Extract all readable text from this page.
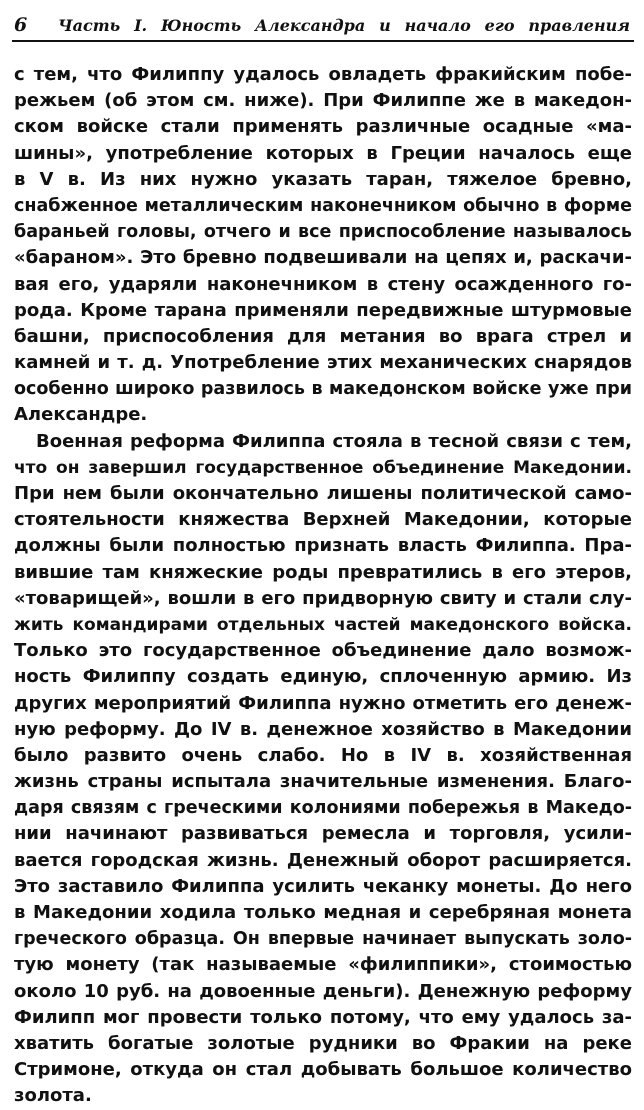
6 Часть I. Юность Александра и начало его правления
с тем, что Филиппу удалось овладеть фракийским побе-
режьем (об этом см. ниже). При Филиппе же в македон-
ском войске стали применять различные осадные «ма-
шины», употребление которых в Греции началось еще
в V в. Из них нужно указать таран, тяжелое бревно,
снабженное металлическим наконечником обычно в форме
бараньей головы, отчего и все приспособление называлось
«бараном». Это бревно подвешивали на цепях и, раскачи-
вая его, ударяли наконечником в стену осажденного го-
рода. Кроме тарана применяли передвижные штурмовые
башни, приспособления для метания во врага стрел и
камней и т. д. Употребление этих механических снарядов
особенно широко развилось в македонском войске уже при
Александре.
Военная реформа Филиппа стояла в тесной связи с тем,
что он завершил государственное объединение Македонии.
При нем были окончательно лишены политической само-
стоятельности княжества Верхней Македонии, которые
должны были полностью признать власть Филиппа. Пра-
вившие там княжеские роды превратились в его этеров,
«товарищей», вошли в его придворную свиту и стали слу-
жить командирами отдельных частей македонского войска.
Только это государственное объединение дало возмож-
ность Филиппу создать единую, сплоченную армию. Из
других мероприятий Филиппа нужно отметить его денеж-
ную реформу. До IV в. денежное хозяйство в Македонии
было развито очень слабо. Но в IV в. хозяйственная
жизнь страны испытала значительные изменения. Благо-
даря связям с греческими колониями побережья в Македо-
нии начинают развиваться ремесла и торговля, усили-
вается городская жизнь. Денежный оборот расширяется.
Это заставило Филиппа усилить чеканку монеты. До него
в Македонии ходила только медная и серебряная монета
греческого образца. Он впервые начинает выпускать золо-
тую монету (так называемые «филиппики», стоимостью
около 10 руб. на довоенные деньги). Денежную реформу
Филипп мог провести только потому, что ему удалось за-
хватить богатые золотые рудники во Фракии на реке
Стримоне, откуда он стал добывать большое количество
золота.
